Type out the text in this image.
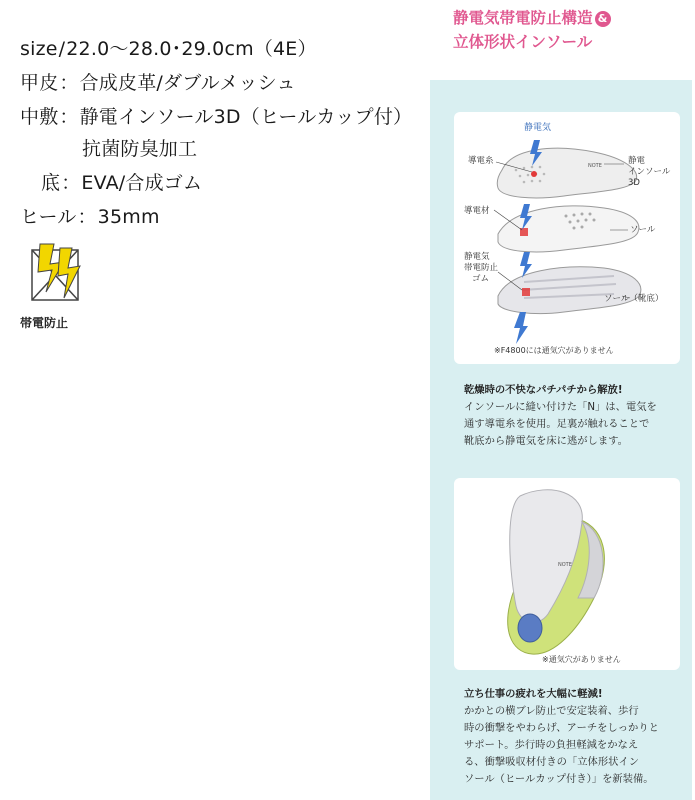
size/22.0〜28.0･29.0cm（4E）
甲皮：合成皮革/ダブルメッシュ
中敷：静電インソール3D（ヒールカップ付）
抗菌防臭加工
底：EVA/合成ゴム
ヒール：35mm
帯電防止
静電気帯電防止構造 &
立体形状インソール
NOTE
静電気
導電糸	静電
インソール
3D
導電材
ソール
静電気
帯電防止
ゴム
ソール（靴底）
※F4800には通気穴がありません
乾燥時の不快なパチパチから解放!
インソールに縫い付けた「N」は、電気を
通す導電糸を使用。足裏が触れることで
靴底から静電気を床に逃がします。
NOTE
※通気穴がありません
立ち仕事の疲れを大幅に軽減!
かかとの横ブレ防止で安定装着、歩行
時の衝撃をやわらげ、アーチをしっかりと
サポート。歩行時の負担軽減をかなえ
る、衝撃吸収材付きの「立体形状イン
ソール（ヒールカップ付き）」を新装備。
